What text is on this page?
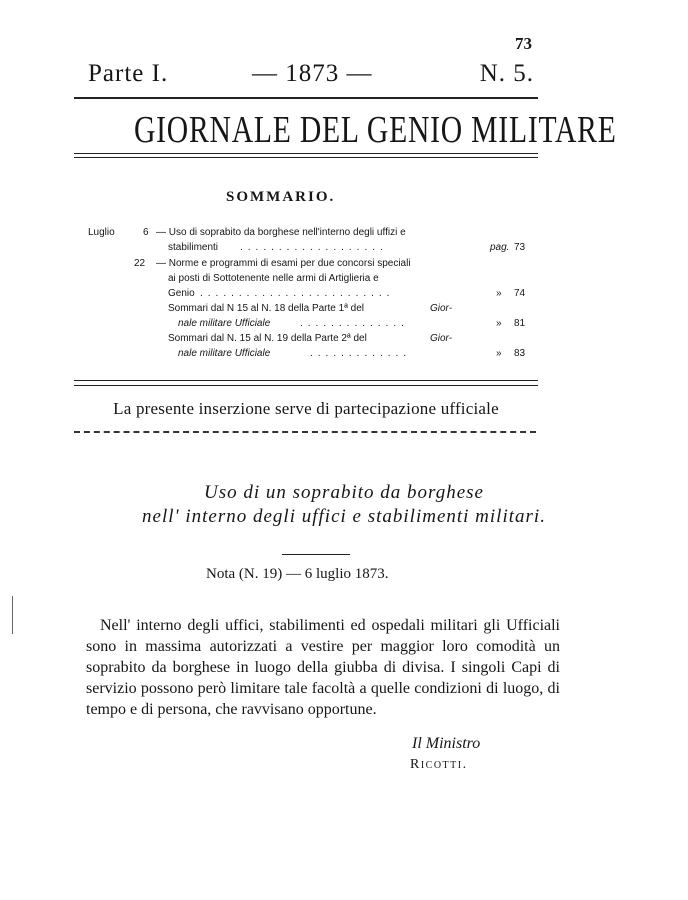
73
Parte I.	— 1873 —	N. 5.
GIORNALE DEL GENIO MILITARE
SOMMARIO.
Luglio	6 — Uso di soprabito da borghese nell'interno degli uffizi e
stabilimenti ...................	pag. 73
22 — Norme e programmi di esami per due concorsi speciali
ai posti di Sottotenente nelle armi di Artiglieria e
Genio .........................	» 74
Sommari dal N 15 al N. 18 della Parte 1ª del	Gior-
nale militare Ufficiale	..............	» 81
Sommari dal N. 15 al N. 19 della Parte 2ª del	Gior-
nale militare Ufficiale	.............	» 83
La presente inserzione serve di partecipazione ufficiale
Uso di un soprabito da borghese
nell' interno degli uffici e stabilimenti militari.
Nota (N. 19) — 6 luglio 1873.

Nell' interno degli uffici, stabilimenti ed ospedali militari gli Ufficiali sono in massima autorizzati a vestire per maggior loro comodità un soprabito da borghese in luogo della giubba di divisa. I singoli Capi di servizio possono però limitare tale facoltà a quelle condizioni di luogo, di tempo e di persona, che ravvisano opportune.

Il Ministro
Ricotti.
